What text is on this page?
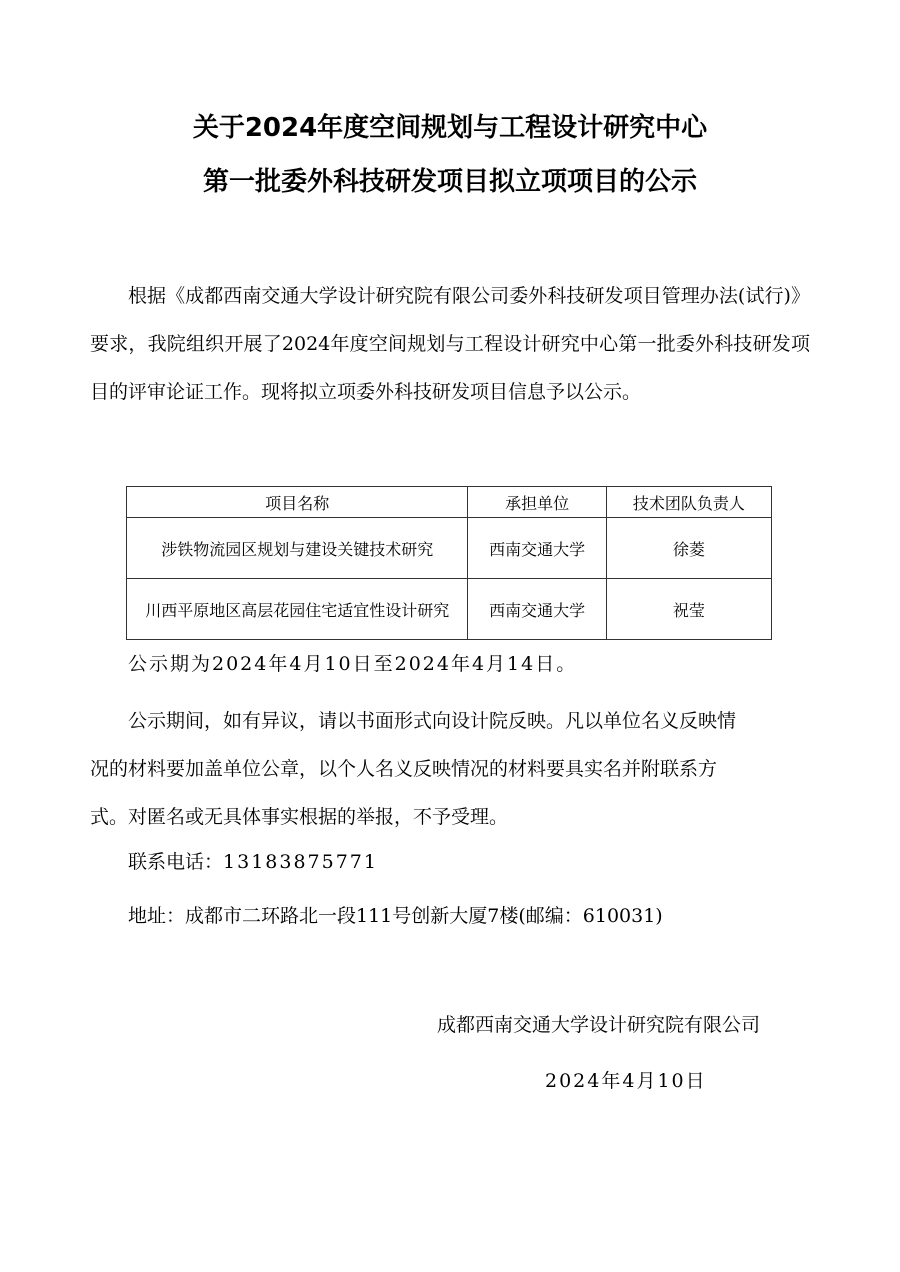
关于2024年度空间规划与工程设计研究中心
第一批委外科技研发项目拟立项项目的公示
根据《成都西南交通大学设计研究院有限公司委外科技研发项目管理办法(试行)》要求，我院组织开展了2024年度空间规划与工程设计研究中心第一批委外科技研发项目的评审论证工作。现将拟立项委外科技研发项目信息予以公示。
项目名称	承担单位	技术团队负责人
涉铁物流园区规划与建设关键技术研究	西南交通大学	徐菱
川西平原地区高层花园住宅适宜性设计研究	西南交通大学	祝莹
公示期为2024年4月10日至2024年4月14日。
公示期间，如有异议，请以书面形式向设计院反映。凡以单位名义反映情
况的材料要加盖单位公章，以个人名义反映情况的材料要具实名并附联系方
式。对匿名或无具体事实根据的举报，不予受理。
联系电话：13183875771
地址：成都市二环路北一段111号创新大厦7楼(邮编：610031)
成都西南交通大学设计研究院有限公司
2024年4月10日
